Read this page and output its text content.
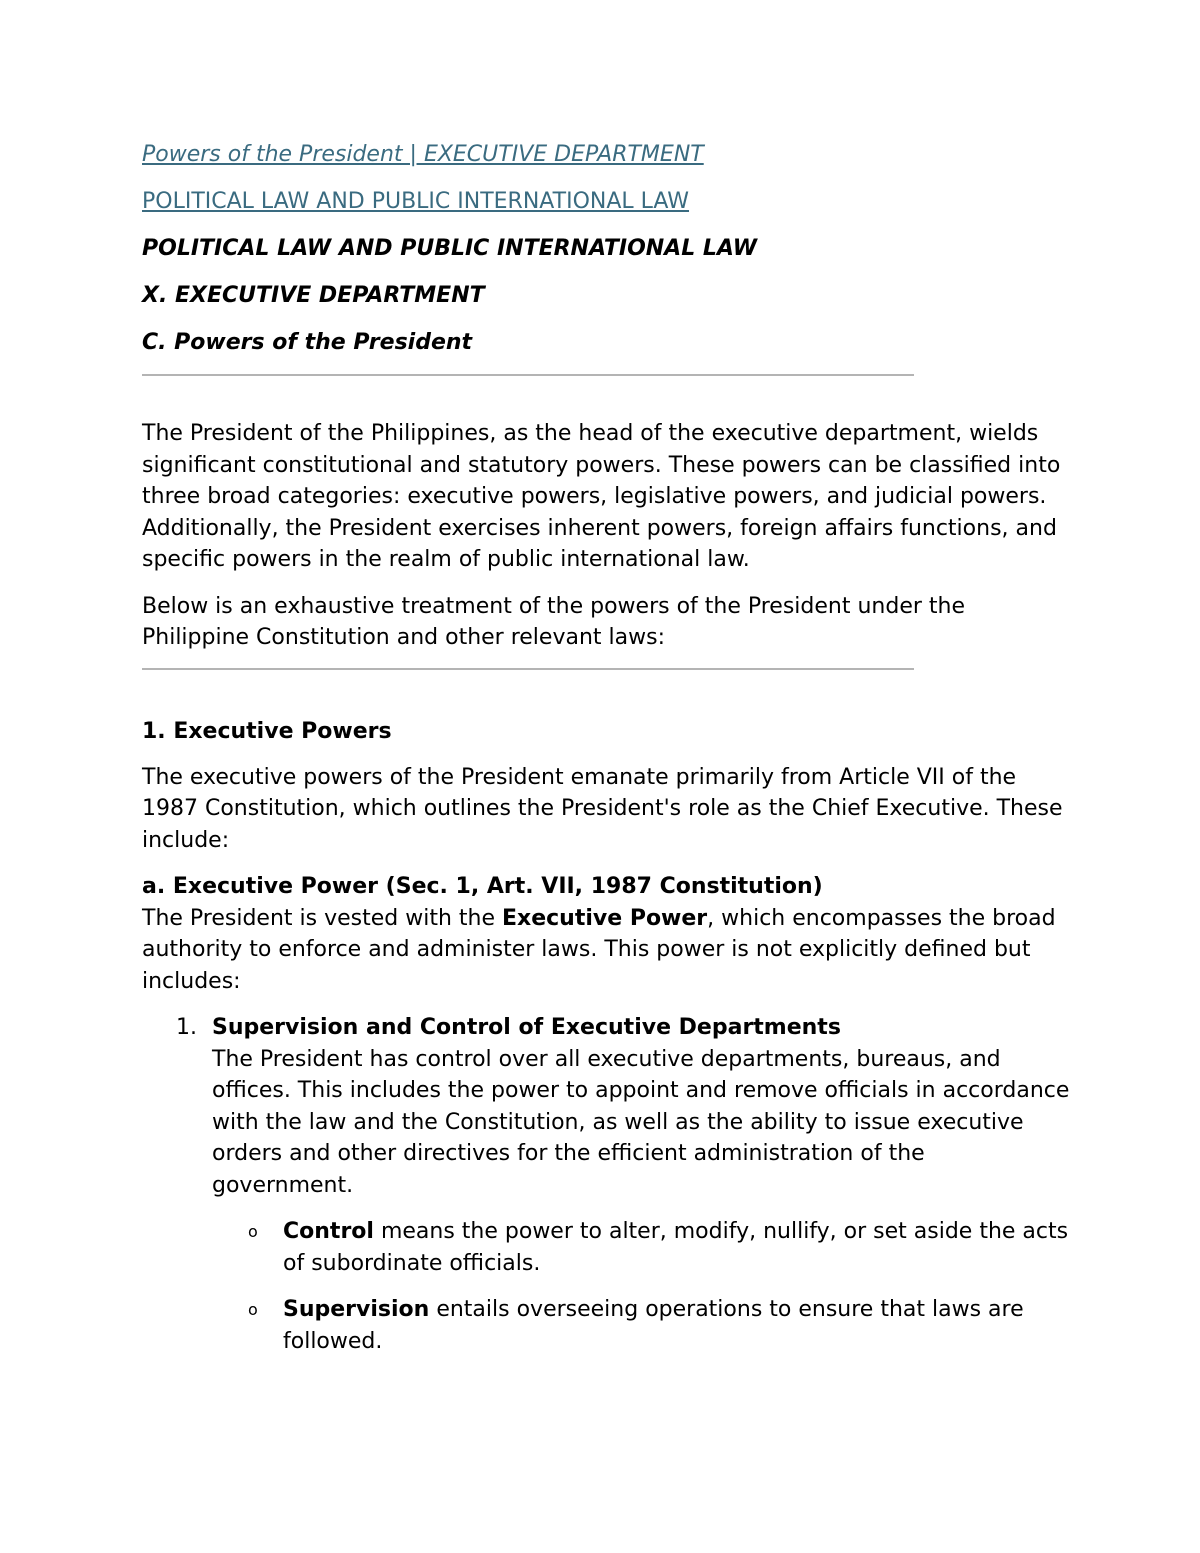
Powers of the President | EXECUTIVE DEPARTMENT
POLITICAL LAW AND PUBLIC INTERNATIONAL LAW
POLITICAL LAW AND PUBLIC INTERNATIONAL LAW
X. EXECUTIVE DEPARTMENT
C. Powers of the President

The President of the Philippines, as the head of the executive department, wields significant constitutional and statutory powers. These powers can be classified into three broad categories: executive powers, legislative powers, and judicial powers. Additionally, the President exercises inherent powers, foreign affairs functions, and specific powers in the realm of public international law.

Below is an exhaustive treatment of the powers of the President under the Philippine Constitution and other relevant laws:

1. Executive Powers

The executive powers of the President emanate primarily from Article VII of the 1987 Constitution, which outlines the President's role as the Chief Executive. These include:

a. Executive Power (Sec. 1, Art. VII, 1987 Constitution)
The President is vested with the Executive Power, which encompasses the broad authority to enforce and administer laws. This power is not explicitly defined but includes:
1. Supervision and Control of Executive Departments
The President has control over all executive departments, bureaus, and offices. This includes the power to appoint and remove officials in accordance with the law and the Constitution, as well as the ability to issue executive orders and other directives for the efficient administration of the government.
o Control means the power to alter, modify, nullify, or set aside the acts of subordinate officials.
o Supervision entails overseeing operations to ensure that laws are followed.
